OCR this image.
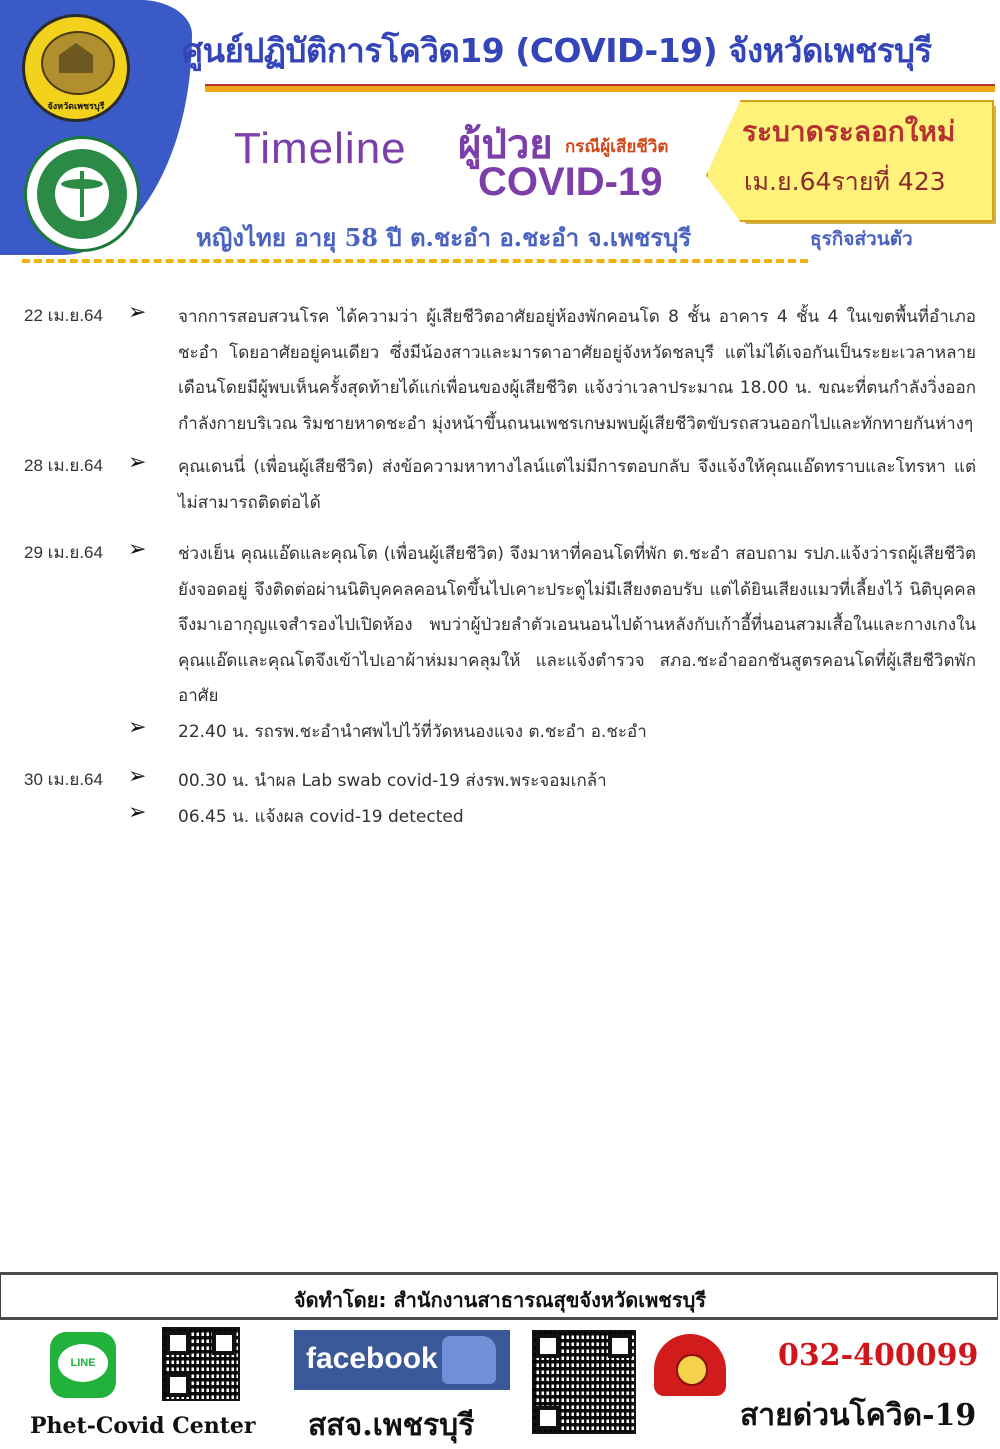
จังหวัดเพชรบุรี
ศูนย์ปฏิบัติการโควิด19 (COVID-19) จังหวัดเพชรบุรี
Timeline ผู้ป่วย กรณีผู้เสียชีวิต
COVID-19
ระบาดระลอกใหม่
เม.ย.64รายที่ 423
หญิงไทย อายุ 58 ปี ต.ชะอำ อ.ชะอำ จ.เพชรบุรี	ธุรกิจส่วนตัว
22 เม.ย.64 ➢ จากการสอบสวนโรค ได้ความว่า ผู้เสียชีวิตอาศัยอยู่ห้องพักคอนโด 8 ชั้น อาคาร 4 ชั้น 4 ในเขตพื้นที่อำเภอชะอำ โดยอาศัยอยู่คนเดียว ซึ่งมีน้องสาวและมารดาอาศัยอยู่จังหวัดชลบุรี แต่ไม่ได้เจอกันเป็นระยะเวลาหลายเดือนโดยมีผู้พบเห็นครั้งสุดท้ายได้แก่เพื่อนของผู้เสียชีวิต แจ้งว่าเวลาประมาณ 18.00 น. ขณะที่ตนกำลังวิ่งออกกำลังกายบริเวณ ริมชายหาดชะอำ มุ่งหน้าขึ้นถนนเพชรเกษมพบผู้เสียชีวิตขับรถสวนออกไปและทักทายกันห่างๆ
28 เม.ย.64 ➢ คุณเดนนี่ (เพื่อนผู้เสียชีวิต) ส่งข้อความหาทางไลน์แต่ไม่มีการตอบกลับ จึงแจ้งให้คุณแอ๊ดทราบและโทรหา แต่ไม่สามารถติดต่อได้
29 เม.ย.64 ➢ ช่วงเย็น คุณแอ๊ดและคุณโต (เพื่อนผู้เสียชีวิต) จึงมาหาที่คอนโดที่พัก ต.ชะอำ สอบถาม รปภ.แจ้งว่ารถผู้เสียชีวิตยังจอดอยู่ จึงติดต่อผ่านนิติบุคคลคอนโดขึ้นไปเคาะประตูไม่มีเสียงตอบรับ แต่ได้ยินเสียงแมวที่เลี้ยงไว้ นิติบุคคลจึงมาเอากุญแจสำรองไปเปิดห้อง พบว่าผู้ป่วยลำตัวเอนนอนไปด้านหลังกับเก้าอี้ที่นอนสวมเสื้อในและกางเกงใน คุณแอ๊ดและคุณโตจึงเข้าไปเอาผ้าห่มมาคลุมให้ และแจ้งตำรวจ สภอ.ชะอำออกชันสูตรคอนโดที่ผู้เสียชีวิตพักอาศัย
➢ 22.40 น. รถรพ.ชะอำนำศพไปไว้ที่วัดหนองแจง ต.ชะอำ อ.ชะอำ
30 เม.ย.64 ➢ 00.30 น. นำผล Lab swab covid-19 ส่งรพ.พระจอมเกล้า
➢ 06.45 น. แจ้งผล covid-19 detected
จัดทำโดย: สำนักงานสาธารณสุขจังหวัดเพชรบุรี
LINE
Phet-Covid Center
facebook
สสจ.เพชรบุรี
032-400099
สายด่วนโควิด-19
